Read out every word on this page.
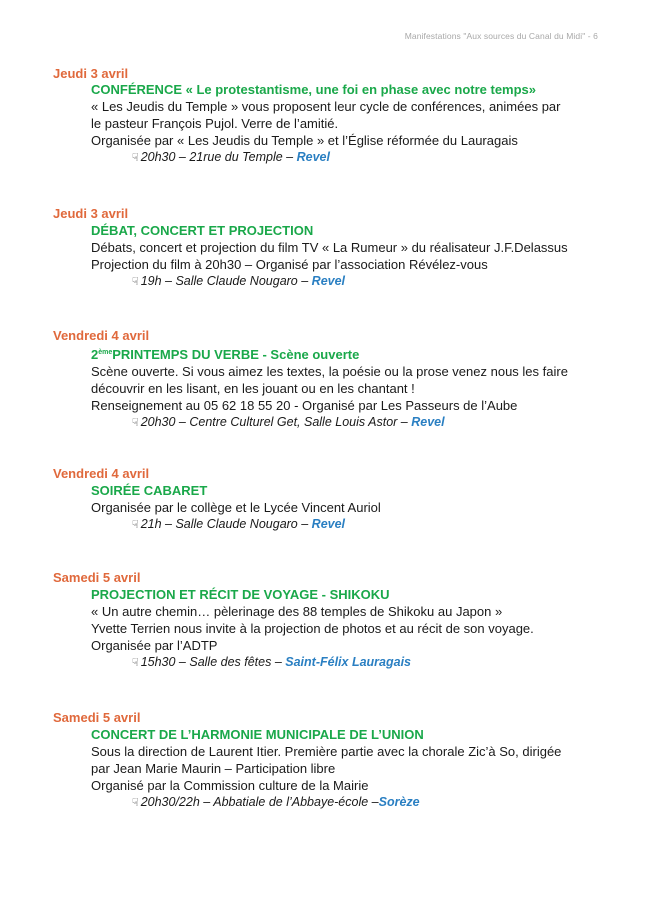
Manifestations "Aux sources du Canal du Midi" - 6
Jeudi 3 avril
CONFÉRENCE « Le protestantisme, une foi en phase avec notre temps»
« Les Jeudis du Temple » vous proposent leur cycle de conférences, animées par
le pasteur François Pujol. Verre de l’amitié.
Organisée par « Les Jeudis du Temple » et l’Église réformée du Lauragais
☟ 20h30 – 21rue du Temple – Revel
Jeudi 3 avril
DÉBAT, CONCERT ET PROJECTION
Débats, concert et projection du film TV « La Rumeur » du réalisateur J.F.Delassus
Projection du film à 20h30 – Organisé par l’association Révélez-vous
☟ 19h – Salle Claude Nougaro – Revel
Vendredi 4 avril
2èmePRINTEMPS DU VERBE - Scène ouverte
Scène ouverte. Si vous aimez les textes, la poésie ou la prose venez nous les faire
découvrir en les lisant, en les jouant ou en les chantant !
Renseignement au 05 62 18 55 20 - Organisé par Les Passeurs de l’Aube
☟ 20h30 – Centre Culturel Get, Salle Louis Astor – Revel
Vendredi 4 avril
SOIRÉE CABARET
Organisée par le collège et le Lycée Vincent Auriol
☟ 21h – Salle Claude Nougaro – Revel
Samedi 5 avril
PROJECTION ET RÉCIT DE VOYAGE - SHIKOKU
« Un autre chemin… pèlerinage des 88 temples de Shikoku au Japon »
Yvette Terrien nous invite à la projection de photos et au récit de son voyage.
Organisée par l’ADTP
☟ 15h30 – Salle des fêtes – Saint-Félix Lauragais
Samedi 5 avril
CONCERT DE L’HARMONIE MUNICIPALE DE L’UNION
Sous la direction de Laurent Itier. Première partie avec la chorale Zic’à So, dirigée
par Jean Marie Maurin – Participation libre
Organisé par la Commission culture de la Mairie
☟ 20h30/22h – Abbatiale de l’Abbaye-école –Sorèze
